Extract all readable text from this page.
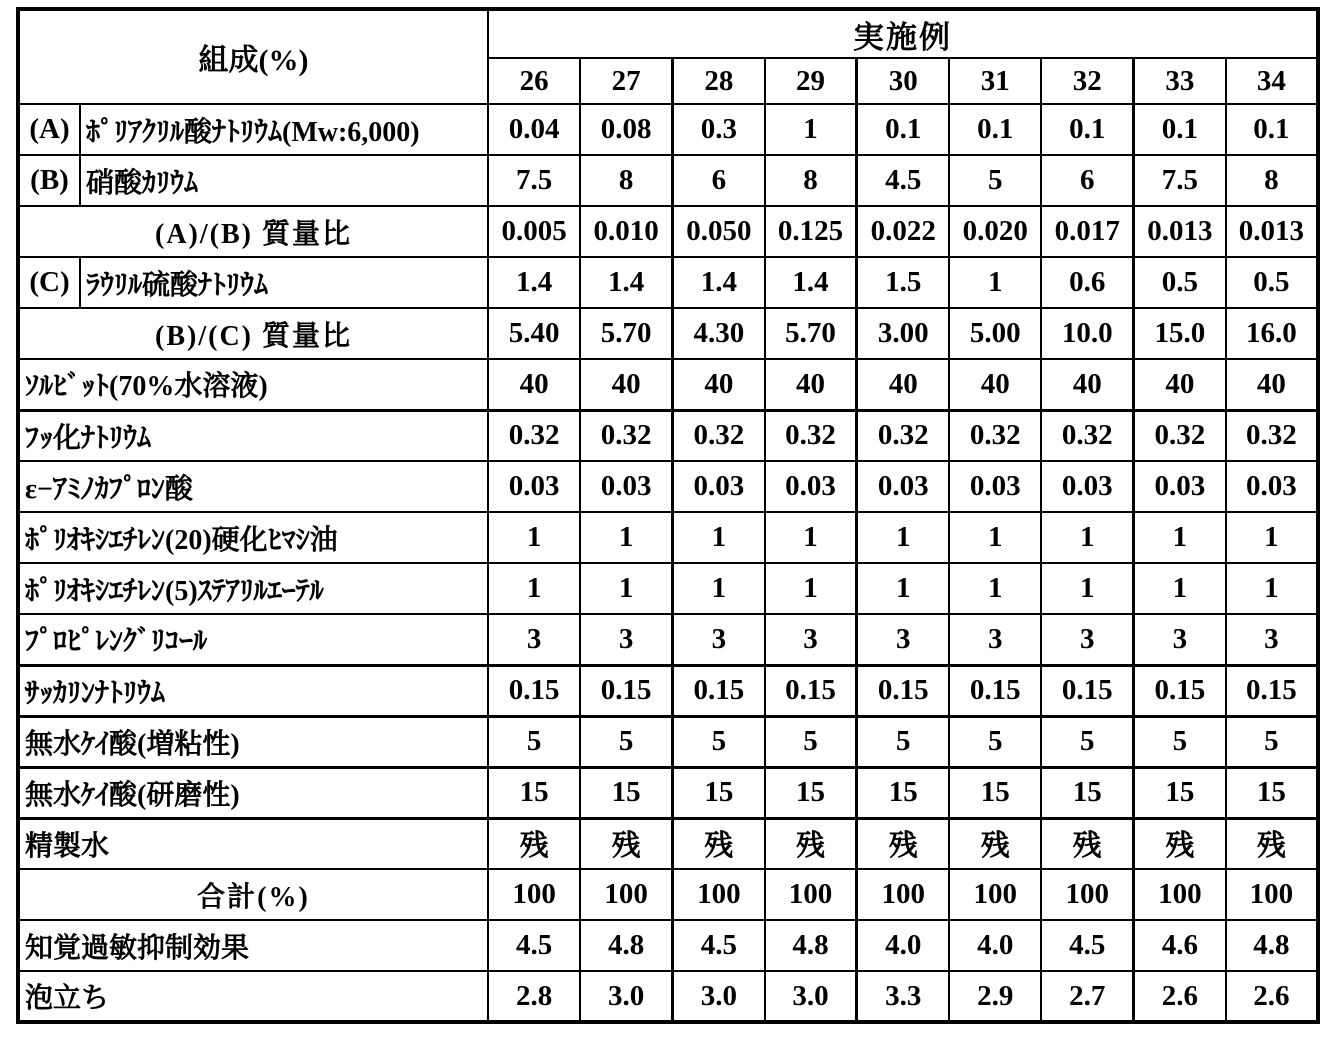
組成(%)		実施例								
		26	27	28	29	30	31	32	33	34
(A)	ﾎﾟﾘｱｸﾘﾙ酸ﾅﾄﾘｳﾑ(Mw:6,000)	0.04	0.08	0.3	1	0.1	0.1	0.1	0.1	0.1
(B)	硝酸ｶﾘｳﾑ	7.5	8	6	8	4.5	5	6	7.5	8
(A)/(B) 質量比		0.005	0.010	0.050	0.125	0.022	0.020	0.017	0.013	0.013
(C)	ﾗｳﾘﾙ硫酸ﾅﾄﾘｳﾑ	1.4	1.4	1.4	1.4	1.5	1	0.6	0.5	0.5
(B)/(C) 質量比		5.40	5.70	4.30	5.70	3.00	5.00	10.0	15.0	16.0
ｿﾙﾋﾞｯﾄ(70%水溶液)		40	40	40	40	40	40	40	40	40
ﾌｯ化ﾅﾄﾘｳﾑ		0.32	0.32	0.32	0.32	0.32	0.32	0.32	0.32	0.32
ε−ｱﾐﾉｶﾌﾟﾛﾝ酸		0.03	0.03	0.03	0.03	0.03	0.03	0.03	0.03	0.03
ﾎﾟﾘｵｷｼｴﾁﾚﾝ(20)硬化ﾋﾏｼ油		1	1	1	1	1	1	1	1	1
ﾎﾟﾘｵｷｼｴﾁﾚﾝ(5)ｽﾃｱﾘﾙｴｰﾃﾙ		1	1	1	1	1	1	1	1	1
ﾌﾟﾛﾋﾟﾚﾝｸﾞﾘｺｰﾙ		3	3	3	3	3	3	3	3	3
ｻｯｶﾘﾝﾅﾄﾘｳﾑ		0.15	0.15	0.15	0.15	0.15	0.15	0.15	0.15	0.15
無水ｹｲ酸(増粘性)		5	5	5	5	5	5	5	5	5
無水ｹｲ酸(研磨性)		15	15	15	15	15	15	15	15	15
精製水		残	残	残	残	残	残	残	残	残
合計(%)		100	100	100	100	100	100	100	100	100
知覚過敏抑制効果		4.5	4.8	4.5	4.8	4.0	4.0	4.5	4.6	4.8
泡立ち		2.8	3.0	3.0	3.0	3.3	2.9	2.7	2.6	2.6
